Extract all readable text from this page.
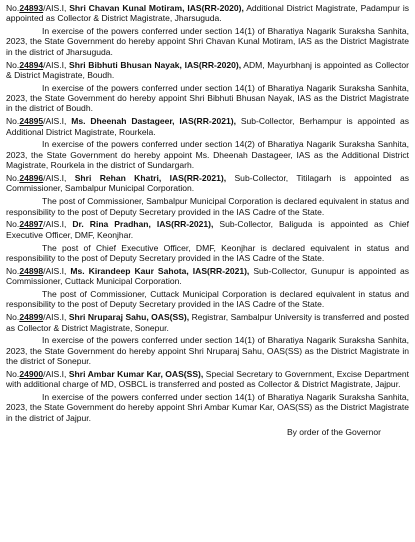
No.24893/AIS.I, Shri Chavan Kunal Motiram, IAS(RR-2020), Additional District Magistrate, Padampur is appointed as Collector & District Magistrate, Jharsuguda.

In exercise of the powers conferred under section 14(1) of Bharatiya Nagarik Suraksha Sanhita, 2023, the State Government do hereby appoint Shri Chavan Kunal Motiram, IAS as the District Magistrate in the district of Jharsuguda.

No.24894/AIS.I, Shri Bibhuti Bhusan Nayak, IAS(RR-2020), ADM, Mayurbhanj is appointed as Collector & District Magistrate, Boudh.

In exercise of the powers conferred under section 14(1) of Bharatiya Nagarik Suraksha Sanhita, 2023, the State Government do hereby appoint Shri Bibhuti Bhusan Nayak, IAS as the District Magistrate in the district of Boudh.

No.24895/AIS.I, Ms. Dheenah Dastageer, IAS(RR-2021), Sub-Collector, Berhampur is appointed as Additional District Magistrate, Rourkela.

In exercise of the powers conferred under section 14(2) of Bharatiya Nagarik Suraksha Sanhita, 2023, the State Government do hereby appoint Ms. Dheenah Dastageer, IAS as the Additional District Magistrate, Rourkela in the district of Sundargarh.

No.24896/AIS.I, Shri Rehan Khatri, IAS(RR-2021), Sub-Collector, Titilagarh is appointed as Commissioner, Sambalpur Municipal Corporation.

The post of Commissioner, Sambalpur Municipal Corporation is declared equivalent in status and responsibility to the post of Deputy Secretary provided in the IAS Cadre of the State.

No.24897/AIS.I, Dr. Rina Pradhan, IAS(RR-2021), Sub-Collector, Baliguda is appointed as Chief Executive Officer, DMF, Keonjhar.

The post of Chief Executive Officer, DMF, Keonjhar is declared equivalent in status and responsibility to the post of Deputy Secretary provided in the IAS Cadre of the State.

No.24898/AIS.I, Ms. Kirandeep Kaur Sahota, IAS(RR-2021), Sub-Collector, Gunupur is appointed as Commissioner, Cuttack Municipal Corporation.

The post of Commissioner, Cuttack Municipal Corporation is declared equivalent in status and responsibility to the post of Deputy Secretary provided in the IAS Cadre of the State.

No.24899/AIS.I, Shri Nruparaj Sahu, OAS(SS), Registrar, Sambalpur University is transferred and posted as Collector & District Magistrate, Sonepur.

In exercise of the powers conferred under section 14(1) of Bharatiya Nagarik Suraksha Sanhita, 2023, the State Government do hereby appoint Shri Nruparaj Sahu, OAS(SS) as the District Magistrate in the district of Sonepur.

No.24900/AIS.I, Shri Ambar Kumar Kar, OAS(SS), Special Secretary to Government, Excise Department with additional charge of MD, OSBCL is transferred and posted as Collector & District Magistrate, Jajpur.

In exercise of the powers conferred under section 14(1) of Bharatiya Nagarik Suraksha Sanhita, 2023, the State Government do hereby appoint Shri Ambar Kumar Kar, OAS(SS) as the District Magistrate in the district of Jajpur.

By order of the Governor
